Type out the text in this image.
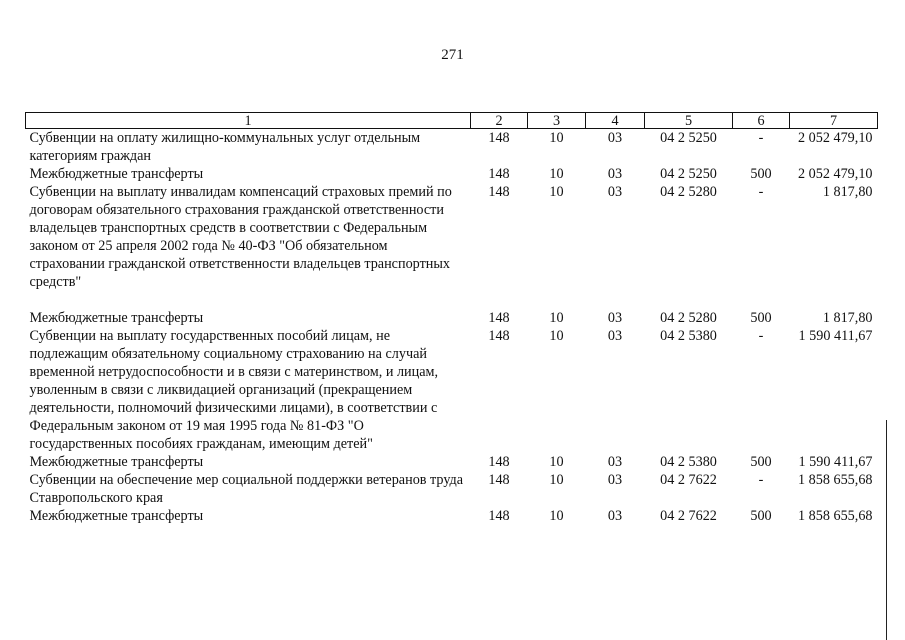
271
1	2	3	4	5	6	7
Субвенции на оплату жилищно-коммунальных услуг отдельным категориям граждан	148	10	03	04 2 5250	-	2 052 479,10
Межбюджетные трансферты	148	10	03	04 2 5250	500	2 052 479,10
Субвенции на выплату инвалидам компенсаций страховых премий по договорам обязательного страхования гражданской ответственности владельцев транспортных средств в соответствии с Федеральным законом от 25 апреля 2002 года № 40-ФЗ "Об обязательном страховании гражданской ответственности владельцев транспортных средств"	148	10	03	04 2 5280	-	1 817,80
Межбюджетные трансферты	148	10	03	04 2 5280	500	1 817,80
Субвенции на выплату государственных пособий лицам, не подлежащим обязательному социальному страхованию на случай временной нетрудоспособности и в связи с материнством, и лицам, уволенным в связи с ликвидацией организаций (прекращением деятельности, полномочий физическими лицами), в соответствии с Федеральным законом от 19 мая 1995 года № 81-ФЗ "О государственных пособиях гражданам, имеющим детей"	148	10	03	04 2 5380	-	1 590 411,67
Межбюджетные трансферты	148	10	03	04 2 5380	500	1 590 411,67
Субвенции на обеспечение мер социальной поддержки ветеранов труда Ставропольского края	148	10	03	04 2 7622	-	1 858 655,68
Межбюджетные трансферты	148	10	03	04 2 7622	500	1 858 655,68
